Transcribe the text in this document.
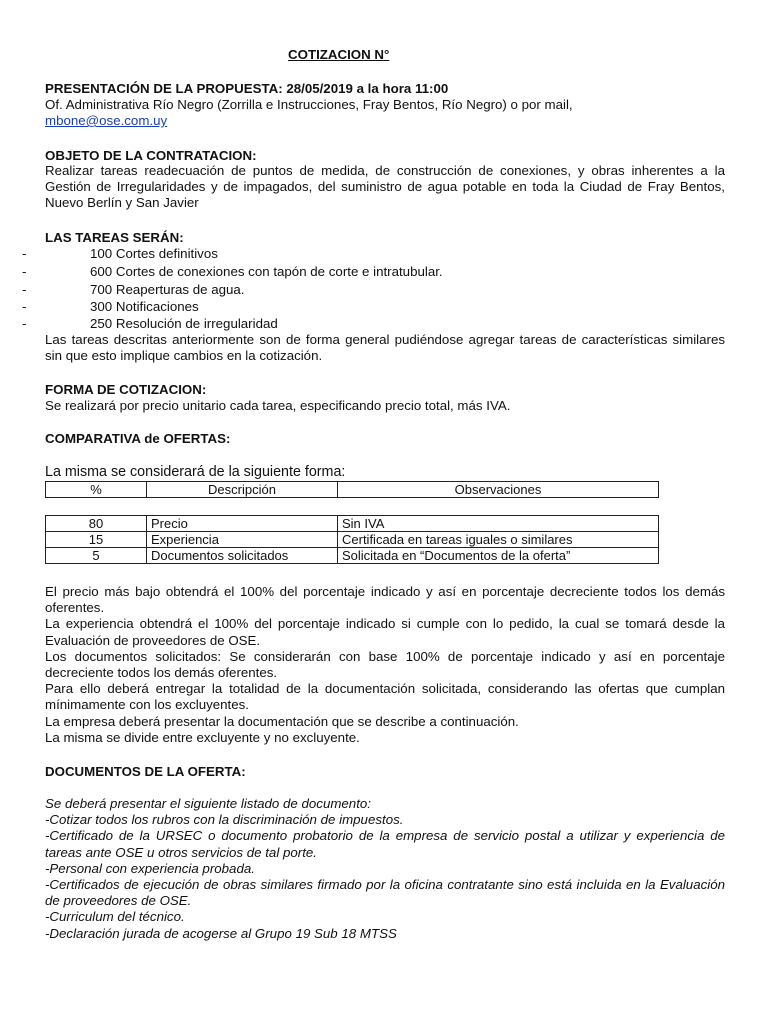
COTIZACION N°
PRESENTACIÓN DE LA PROPUESTA: 28/05/2019 a la hora 11:00
Of. Administrativa Río Negro (Zorrilla e Instrucciones, Fray Bentos, Río Negro) o por mail,
mbone@ose.com.uy
OBJETO DE LA CONTRATACION:
Realizar tareas readecuación de puntos de medida, de construcción de conexiones, y obras inherentes a la Gestión de Irregularidades y de impagados, del suministro de agua potable en toda la Ciudad de Fray Bentos, Nuevo Berlín y San Javier
LAS TAREAS SERÁN:
-	100 Cortes definitivos
-	600 Cortes de conexiones con tapón de corte e intratubular.
-	700 Reaperturas de agua.
-	300 Notificaciones
-	250 Resolución de irregularidad
Las tareas descritas anteriormente son de forma general pudiéndose agregar tareas de características similares sin que esto implique cambios en la cotización.
FORMA DE COTIZACION:
Se realizará por precio unitario cada tarea, especificando precio total, más IVA.
COMPARATIVA de OFERTAS:
La misma se considerará de la siguiente forma:
%	Descripción	Observaciones
80	Precio	Sin IVA
15	Experiencia	Certificada en tareas iguales o similares
5	Documentos solicitados	Solicitada en “Documentos de la oferta”
El precio más bajo obtendrá el 100% del porcentaje indicado y así en porcentaje decreciente todos los demás oferentes.
La experiencia obtendrá el 100% del porcentaje indicado si cumple con lo pedido, la cual se tomará desde la Evaluación de proveedores de OSE.
Los documentos solicitados: Se considerarán con base 100% de porcentaje indicado y así en porcentaje decreciente todos los demás oferentes.
Para ello deberá entregar la totalidad de la documentación solicitada, considerando las ofertas que cumplan mínimamente con los excluyentes.
La empresa deberá presentar la documentación que se describe a continuación.
La misma se divide entre excluyente y no excluyente.
DOCUMENTOS DE LA OFERTA:
Se deberá presentar el siguiente listado de documento:
-Cotizar todos los rubros con la discriminación de impuestos.
-Certificado de la URSEC o documento probatorio de la empresa de servicio postal a utilizar y experiencia de tareas ante OSE u otros servicios de tal porte.
-Personal con experiencia probada.
-Certificados de ejecución de obras similares firmado por la oficina contratante sino está incluida en la Evaluación de proveedores de OSE.
-Curriculum del técnico.
-Declaración jurada de acogerse al Grupo 19 Sub 18 MTSS
